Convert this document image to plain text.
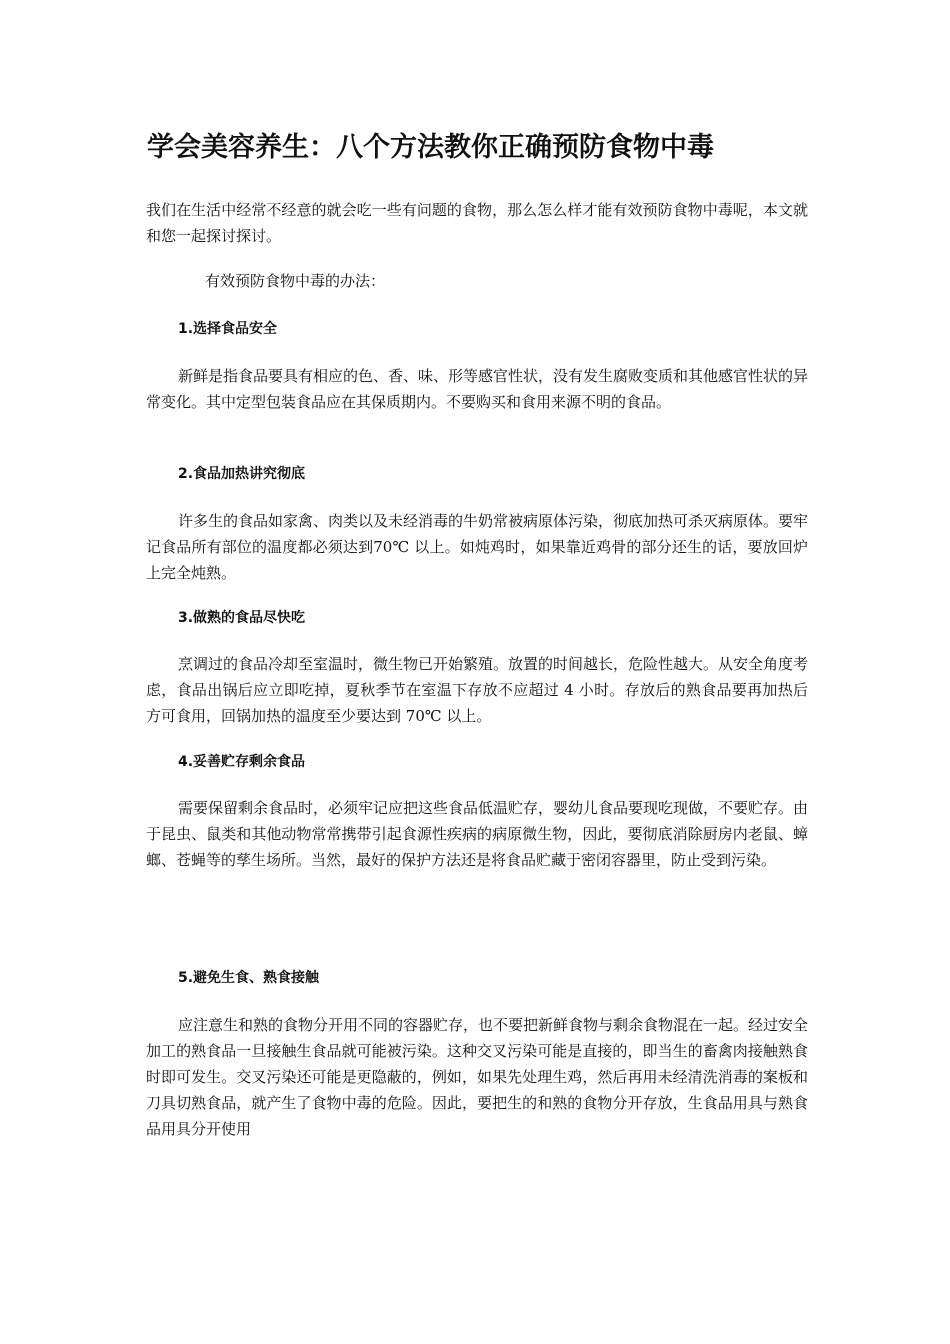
学会美容养生：八个方法教你正确预防食物中毒

我们在生活中经常不经意的就会吃一些有问题的食物，那么怎么样才能有效预防食物中毒呢，本文就和您一起探讨探讨。

有效预防食物中毒的办法：

1.选择食品安全

新鲜是指食品要具有相应的色、香、味、形等感官性状，没有发生腐败变质和其他感官性状的异常变化。其中定型包装食品应在其保质期内。不要购买和食用来源不明的食品。

2.食品加热讲究彻底

许多生的食品如家禽、肉类以及未经消毒的牛奶常被病原体污染，彻底加热可杀灭病原体。要牢记食品所有部位的温度都必须达到70℃ 以上。如炖鸡时，如果靠近鸡骨的部分还生的话，要放回炉上完全炖熟。

3.做熟的食品尽快吃

烹调过的食品冷却至室温时，微生物已开始繁殖。放置的时间越长，危险性越大。从安全角度考虑，食品出锅后应立即吃掉，夏秋季节在室温下存放不应超过 4 小时。存放后的熟食品要再加热后方可食用，回锅加热的温度至少要达到 70℃ 以上。

4.妥善贮存剩余食品

需要保留剩余食品时，必须牢记应把这些食品低温贮存，婴幼儿食品要现吃现做，不要贮存。由于昆虫、鼠类和其他动物常常携带引起食源性疾病的病原微生物，因此，要彻底消除厨房内老鼠、蟑螂、苍蝇等的孳生场所。当然，最好的保护方法还是将食品贮藏于密闭容器里，防止受到污染。

5.避免生食、熟食接触

应注意生和熟的食物分开用不同的容器贮存，也不要把新鲜食物与剩余食物混在一起。经过安全加工的熟食品一旦接触生食品就可能被污染。这种交叉污染可能是直接的，即当生的畜禽肉接触熟食时即可发生。交叉污染还可能是更隐蔽的，例如，如果先处理生鸡，然后再用未经清洗消毒的案板和刀具切熟食品，就产生了食物中毒的危险。因此，要把生的和熟的食物分开存放，生食品用具与熟食品用具分开使用
